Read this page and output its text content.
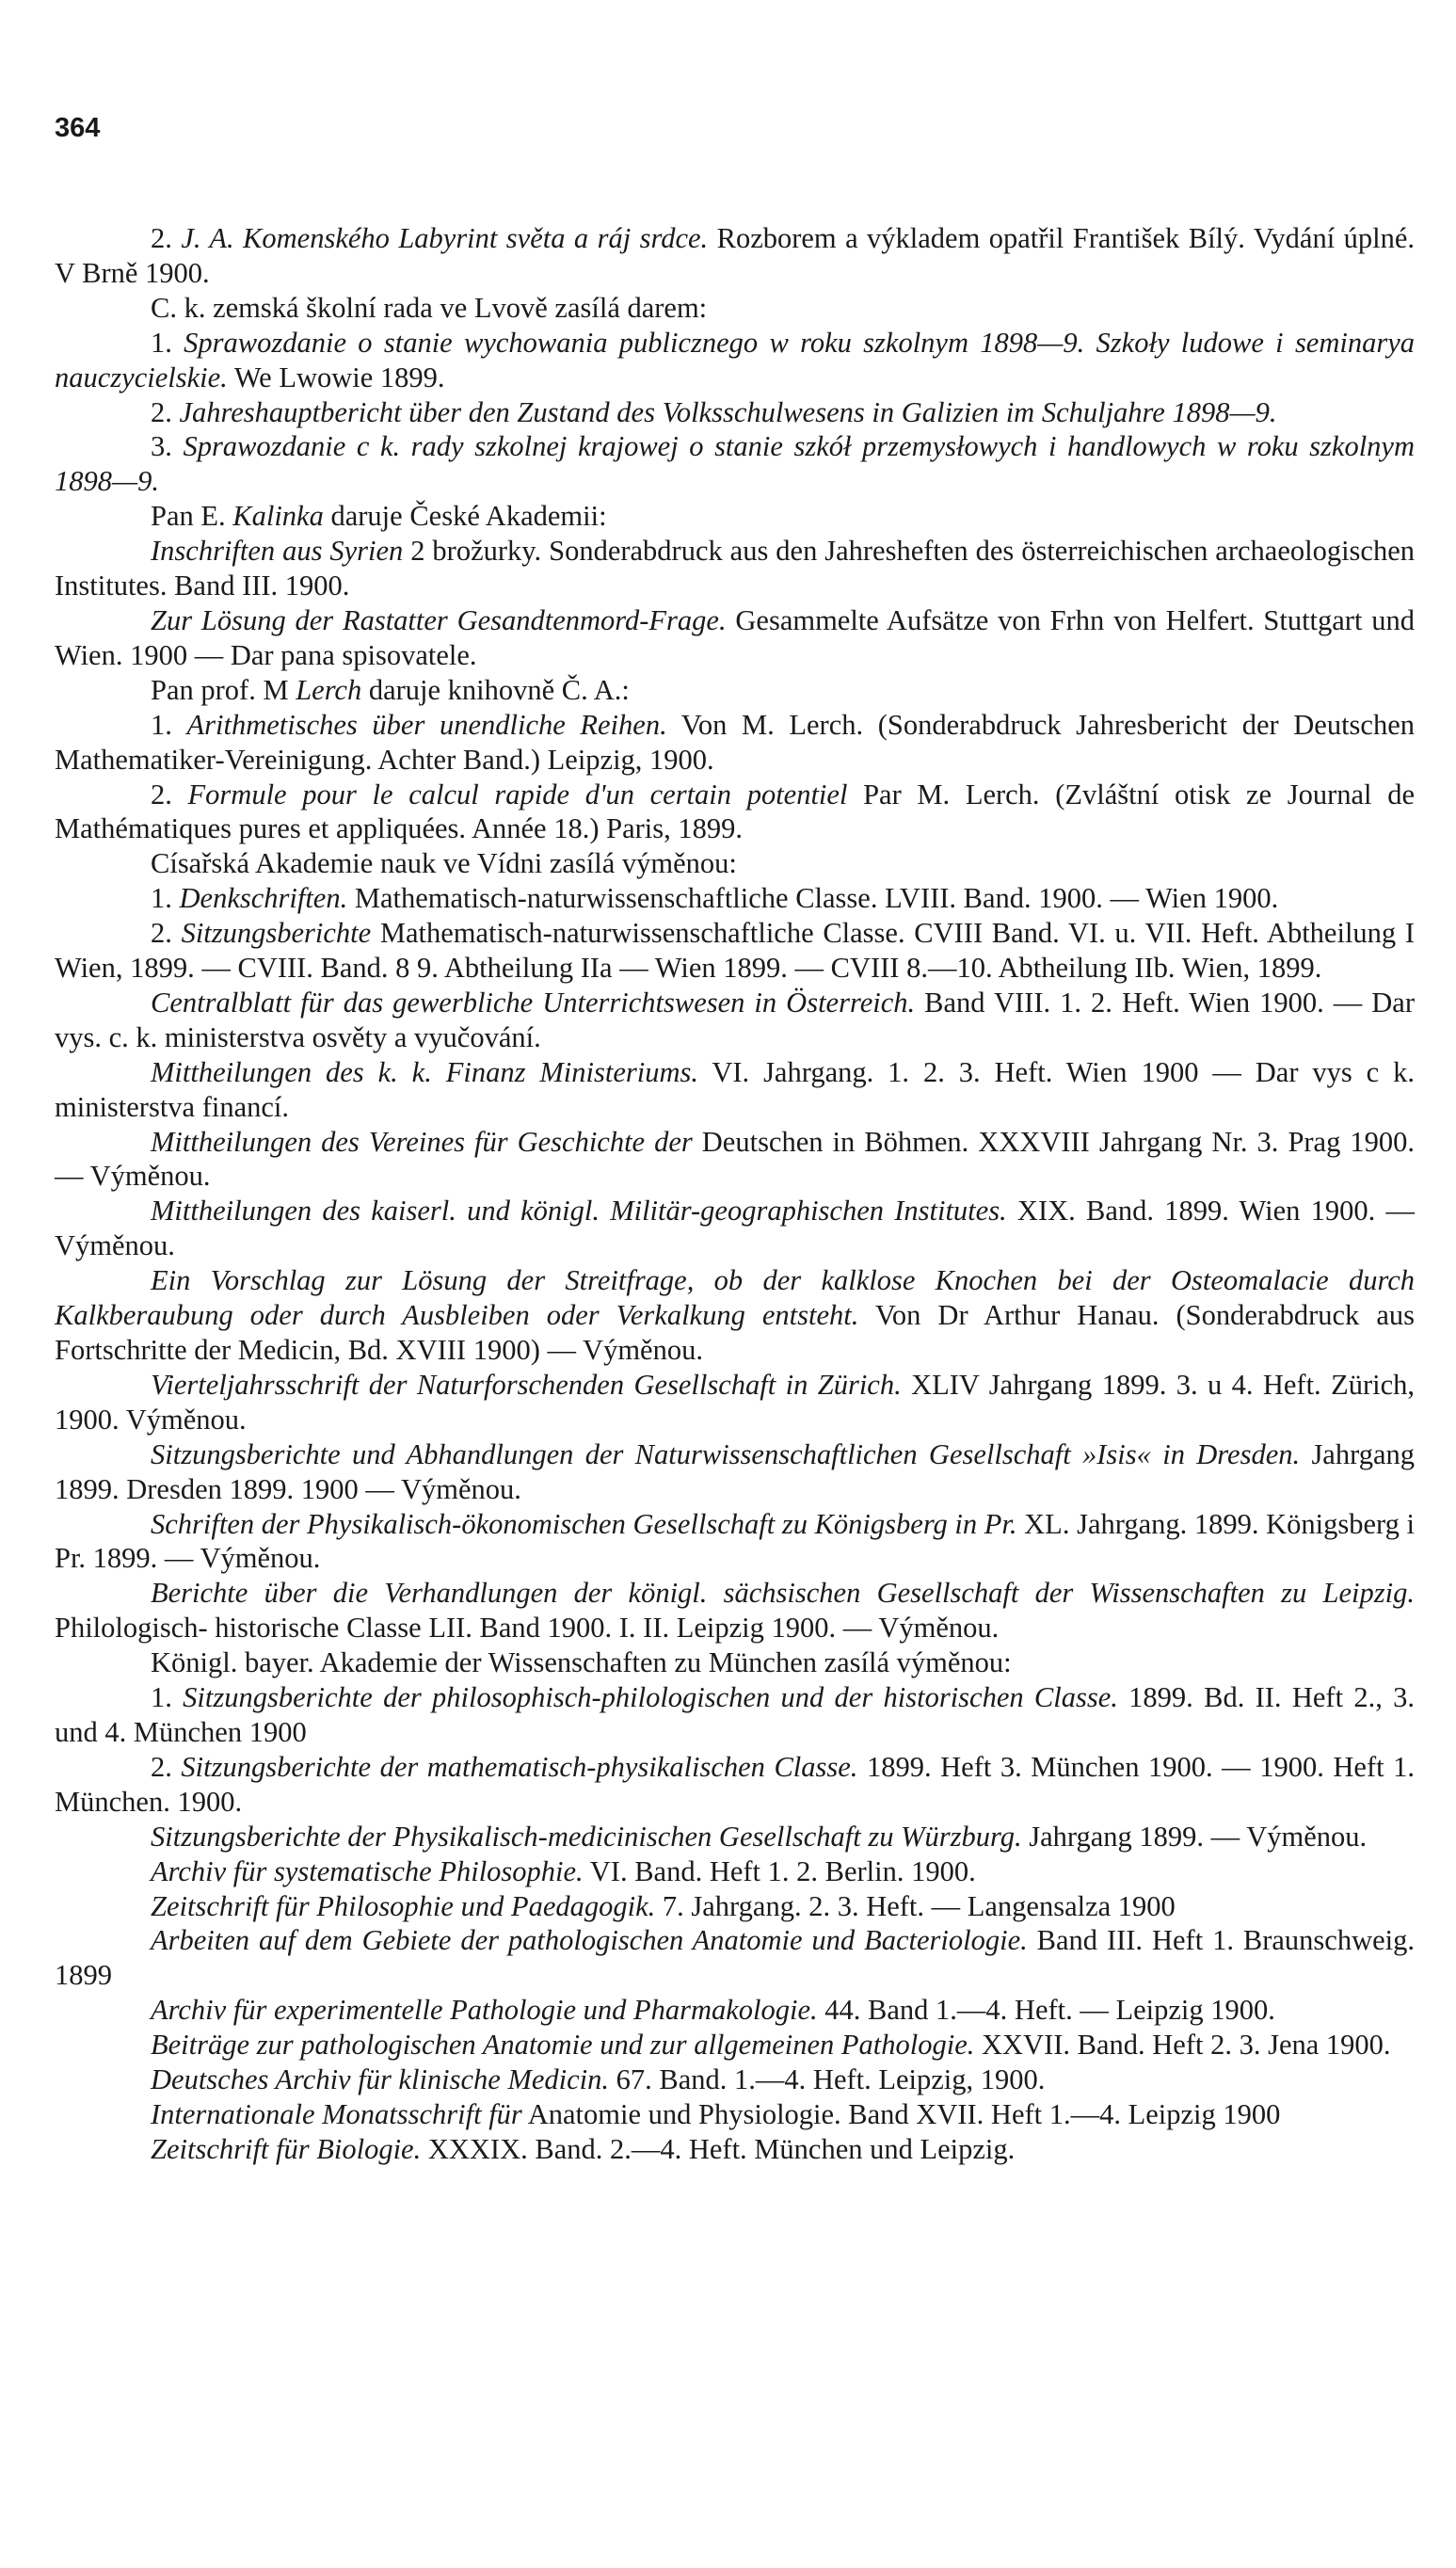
364

2. J. A. Komenského Labyrint světa a ráj srdce. Rozborem a výkladem opatřil František Bílý. Vydání úplné. V Brně 1900.

C. k. zemská školní rada ve Lvově zasílá darem:

1. Sprawozdanie o stanie wychowania publicznego w roku szkolnym 1898—9. Szkoły ludowe i seminarya nauczycielskie. We Lwowie 1899.

2. Jahreshauptbericht über den Zustand des Volksschulwesens in Galizien im Schuljahre 1898—9.

3. Sprawozdanie c k. rady szkolnej krajowej o stanie szkół przemysłowych i handlowych w roku szkolnym 1898—9.

Pan E. Kalinka daruje České Akademii:

Inschriften aus Syrien 2 brožurky. Sonderabdruck aus den Jahresheften des österreichischen archaeologischen Institutes. Band III. 1900.

Zur Lösung der Rastatter Gesandtenmord-Frage. Gesammelte Aufsätze von Frhn von Helfert. Stuttgart und Wien. 1900 — Dar pana spisovatele.

Pan prof. M Lerch daruje knihovně Č. A.:

1. Arithmetisches über unendliche Reihen. Von M. Lerch. (Sonderabdruck Jahresbericht der Deutschen Mathematiker-Vereinigung. Achter Band.) Leipzig, 1900.

2. Formule pour le calcul rapide d'un certain potentiel Par M. Lerch. (Zvláštní otisk ze Journal de Mathématiques pures et appliquées. Année 18.) Paris, 1899.

Císařská Akademie nauk ve Vídni zasílá výměnou:

1. Denkschriften. Mathematisch-naturwissenschaftliche Classe. LVIII. Band. 1900. — Wien 1900.

2. Sitzungsberichte Mathematisch-naturwissenschaftliche Classe. CVIII Band. VI. u. VII. Heft. Abtheilung I Wien, 1899. — CVIII. Band. 8 9. Abtheilung IIa — Wien 1899. — CVIII 8.—10. Abtheilung IIb. Wien, 1899.

Centralblatt für das gewerbliche Unterrichtswesen in Österreich. Band VIII. 1. 2. Heft. Wien 1900. — Dar vys. c. k. ministerstva osvěty a vyučování.

Mittheilungen des k. k. Finanz Ministeriums. VI. Jahrgang. 1. 2. 3. Heft. Wien 1900 — Dar vys c k. ministerstva financí.

Mittheilungen des Vereines für Geschichte der Deutschen in Böhmen. XXXVIII Jahrgang Nr. 3. Prag 1900. — Výměnou.

Mittheilungen des kaiserl. und königl. Militär-geographischen Institutes. XIX. Band. 1899. Wien 1900. — Výměnou.

Ein Vorschlag zur Lösung der Streitfrage, ob der kalklose Knochen bei der Osteomalacie durch Kalkberaubung oder durch Ausbleiben oder Verkalkung entsteht. Von Dr Arthur Hanau. (Sonderabdruck aus Fortschritte der Medicin, Bd. XVIII 1900) — Výměnou.

Vierteljahrsschrift der Naturforschenden Gesellschaft in Zürich. XLIV Jahrgang 1899. 3. u 4. Heft. Zürich, 1900. Výměnou.

Sitzungsberichte und Abhandlungen der Naturwissenschaftlichen Gesellschaft »Isis« in Dresden. Jahrgang 1899. Dresden 1899. 1900 — Výměnou.

Schriften der Physikalisch-ökonomischen Gesellschaft zu Königsberg in Pr. XL. Jahrgang. 1899. Königsberg i Pr. 1899. — Výměnou.

Berichte über die Verhandlungen der königl. sächsischen Gesellschaft der Wissenschaften zu Leipzig. Philologisch- historische Classe LII. Band 1900. I. II. Leipzig 1900. — Výměnou.

Königl. bayer. Akademie der Wissenschaften zu München zasílá výměnou:

1. Sitzungsberichte der philosophisch-philologischen und der historischen Classe. 1899. Bd. II. Heft 2., 3. und 4. München 1900

2. Sitzungsberichte der mathematisch-physikalischen Classe. 1899. Heft 3. München 1900. — 1900. Heft 1. München. 1900.

Sitzungsberichte der Physikalisch-medicinischen Gesellschaft zu Würzburg. Jahrgang 1899. — Výměnou.

Archiv für systematische Philosophie. VI. Band. Heft 1. 2. Berlin. 1900.

Zeitschrift für Philosophie und Paedagogik. 7. Jahrgang. 2. 3. Heft. — Langensalza 1900

Arbeiten auf dem Gebiete der pathologischen Anatomie und Bacteriologie. Band III. Heft 1. Braunschweig. 1899

Archiv für experimentelle Pathologie und Pharmakologie. 44. Band 1.—4. Heft. — Leipzig 1900.

Beiträge zur pathologischen Anatomie und zur allgemeinen Pathologie. XXVII. Band. Heft 2. 3. Jena 1900.

Deutsches Archiv für klinische Medicin. 67. Band. 1.—4. Heft. Leipzig, 1900.

Internationale Monatsschrift für Anatomie und Physiologie. Band XVII. Heft 1.—4. Leipzig 1900

Zeitschrift für Biologie. XXXIX. Band. 2.—4. Heft. München und Leipzig.
